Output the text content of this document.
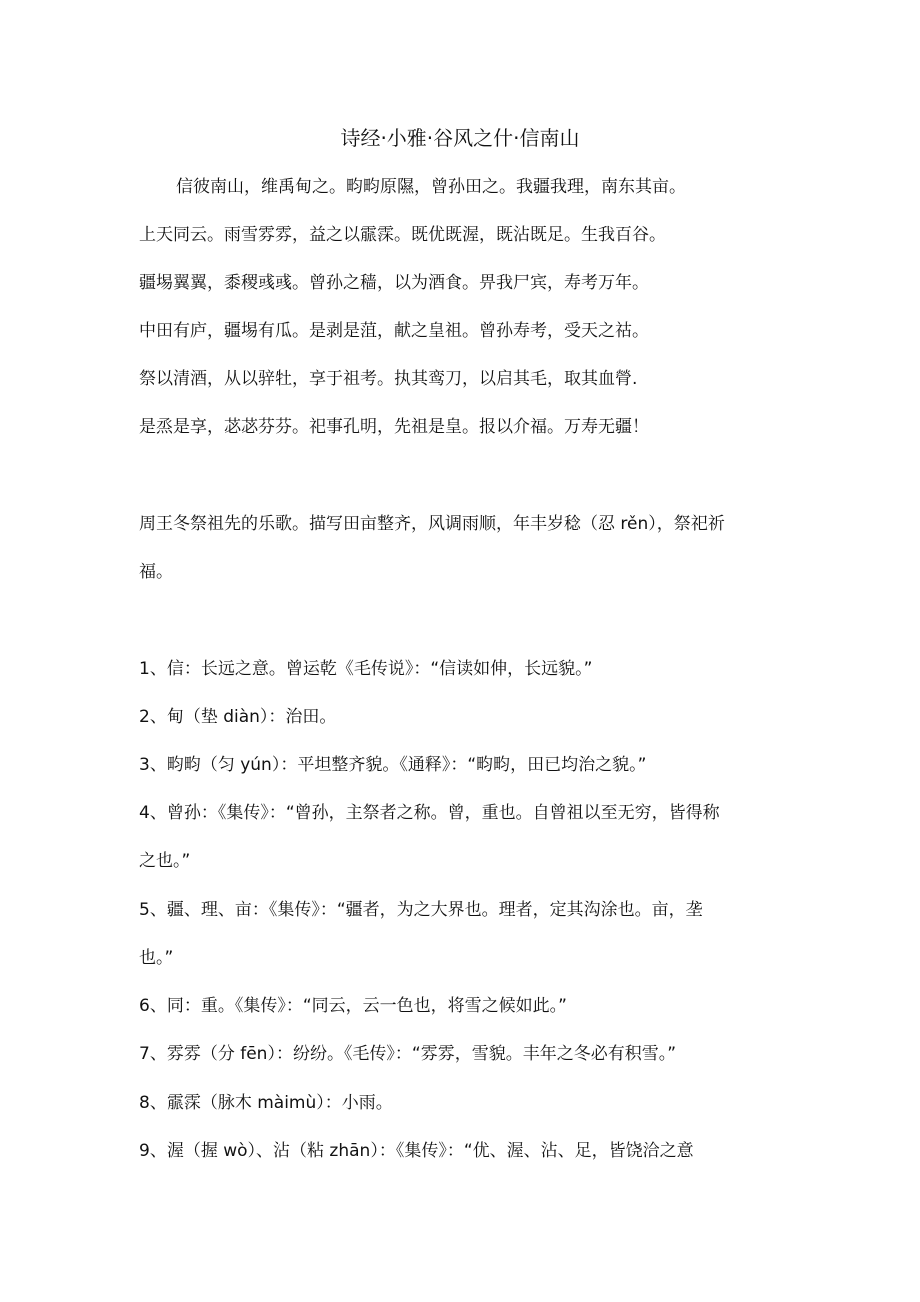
诗经·小雅·谷风之什·信南山
信彼南山，维禹甸之。畇畇原隰，曾孙田之。我疆我理，南东其亩。
上天同云。雨雪雰雰，益之以霢霂。既优既渥，既沾既足。生我百谷。
疆埸翼翼，黍稷彧彧。曾孙之穑，以为酒食。畀我尸宾，寿考万年。
中田有庐，疆埸有瓜。是剥是菹，献之皇祖。曾孙寿考，受天之祜。
祭以清酒，从以骍牡，享于祖考。执其鸾刀，以启其毛，取其血膋.
是烝是享，苾苾芬芬。祀事孔明，先祖是皇。报以介福。万寿无疆！
周王冬祭祖先的乐歌。描写田亩整齐，风调雨顺，年丰岁稔（忍 rěn），祭祀祈
福。
1、信：长远之意。曾运乾《毛传说》：“信读如伸，长远貌。”
2、甸（垫 diàn）：治田。
3、畇畇（匀 yún）：平坦整齐貌。《通释》：“畇畇，田已均治之貌。”
4、曾孙：《集传》：“曾孙，主祭者之称。曾，重也。自曾祖以至无穷，皆得称
之也。”
5、疆、理、亩：《集传》：“疆者，为之大界也。理者，定其沟涂也。亩，垄
也。”
6、同：重。《集传》：“同云，云一色也，将雪之候如此。”
7、雰雰（分 fēn）：纷纷。《毛传》：“雰雰，雪貌。丰年之冬必有积雪。”
8、霢霂（脉木 màimù）：小雨。
9、渥（握 wò）、沾（粘 zhān）：《集传》：“优、渥、沾、足，皆饶洽之意
